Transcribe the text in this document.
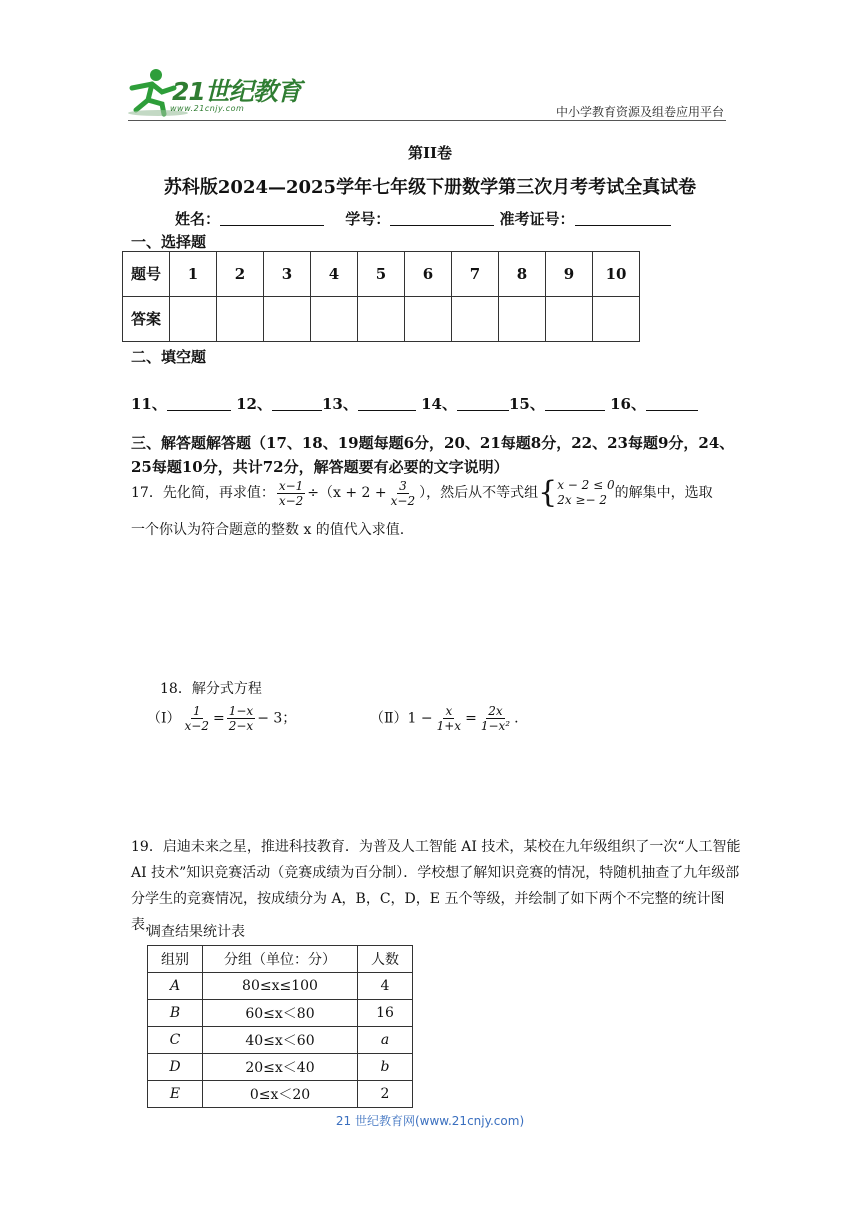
21世纪教育
www.21cnjy.com	中小学教育资源及组卷应用平台
第II卷
苏科版2024—2025学年七年级下册数学第三次月考考试全真试卷
姓名：	学号：	准考证号：
一、选择题
题号	1	2	3	4	5	6	7	8	9	10
答案										
二、填空题
11、	12、	13、	14、	15、	16、
三、解答题解答题（17、18、19题每题6分，20、21每题8分，22、23每题9分，24、25每题10分，共计72分，解答题要有必要的文字说明）
17．先化简，再求值： $\frac{x-1}{x-2} \div(x + 2 + \frac{3}{x-2}$ ），然后从不等式组 { x − 2 ≤ 0
2x ≥− 2 的解集中，选取
一个你认为符合题意的整数 x 的值代入求值.
18．解分式方程
（Ⅰ） $\frac{1}{x-2} = \frac{1-x}{2-x} - 3$；	（Ⅱ）1 − $\frac{x}{1+x} = \frac{2x}{\text{1−x²}}$ .
19．启迪未来之星，推进科技教育．为普及人工智能 AI 技术，某校在九年级组织了一次“人工智能 AI 技术”知识竞赛活动（竞赛成绩为百分制）．学校想了解知识竞赛的情况，特随机抽查了九年级部分学生的竞赛情况，按成绩分为 A，B，C，D，E 五个等级，并绘制了如下两个不完整的统计图表，
调查结果统计表
组别	分组（单位：分）	人数
A	80≤x≤100	4
B	60≤x＜80	16
C	40≤x＜60	a
D	20≤x＜40	b
E	0≤x＜20	2
21 世纪教育网(www.21cnjy.com)
